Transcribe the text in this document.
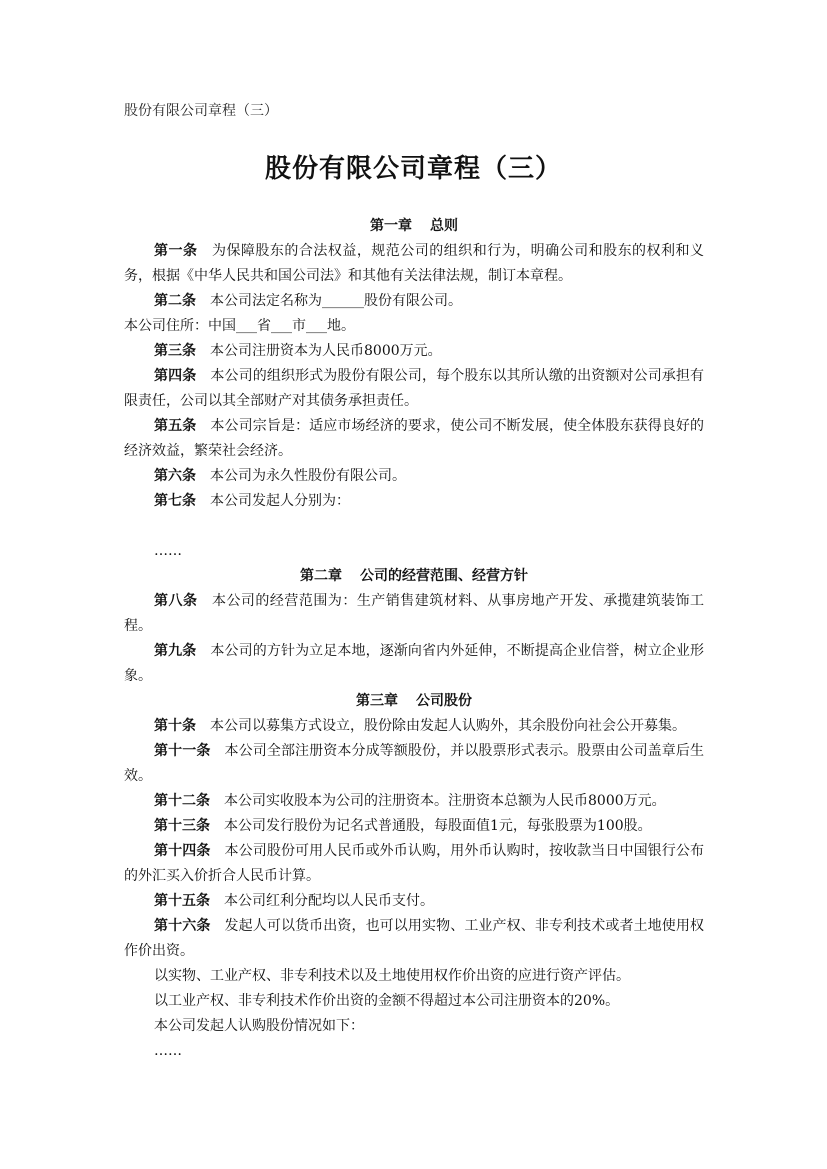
股份有限公司章程（三）
股份有限公司章程（三）
第一章 总则

第一条 为保障股东的合法权益，规范公司的组织和行为，明确公司和股东的权利和义务，根据《中华人民共和国公司法》和其他有关法律法规，制订本章程。

第二条 本公司法定名称为______股份有限公司。

本公司住所：中国___省___市___地。

第三条 本公司注册资本为人民币8000万元。

第四条 本公司的组织形式为股份有限公司，每个股东以其所认缴的出资额对公司承担有限责任，公司以其全部财产对其债务承担责任。

第五条 本公司宗旨是：适应市场经济的要求，使公司不断发展，使全体股东获得良好的经济效益，繁荣社会经济。

第六条 本公司为永久性股份有限公司。

第七条 本公司发起人分别为：

……
第二章 公司的经营范围、经营方针

第八条 本公司的经营范围为：生产销售建筑材料、从事房地产开发、承揽建筑装饰工程。

第九条 本公司的方针为立足本地，逐渐向省内外延伸，不断提高企业信誉，树立企业形象。

第三章 公司股份

第十条 本公司以募集方式设立，股份除由发起人认购外，其余股份向社会公开募集。

第十一条 本公司全部注册资本分成等额股份，并以股票形式表示。股票由公司盖章后生效。

第十二条 本公司实收股本为公司的注册资本。注册资本总额为人民币8000万元。

第十三条 本公司发行股份为记名式普通股，每股面值1元，每张股票为100股。

第十四条 本公司股份可用人民币或外币认购，用外币认购时，按收款当日中国银行公布的外汇买入价折合人民币计算。

第十五条 本公司红利分配均以人民币支付。

第十六条 发起人可以货币出资，也可以用实物、工业产权、非专利技术或者土地使用权作价出资。

以实物、工业产权、非专利技术以及土地使用权作价出资的应进行资产评估。

以工业产权、非专利技术作价出资的金额不得超过本公司注册资本的20%。

本公司发起人认购股份情况如下：

……
